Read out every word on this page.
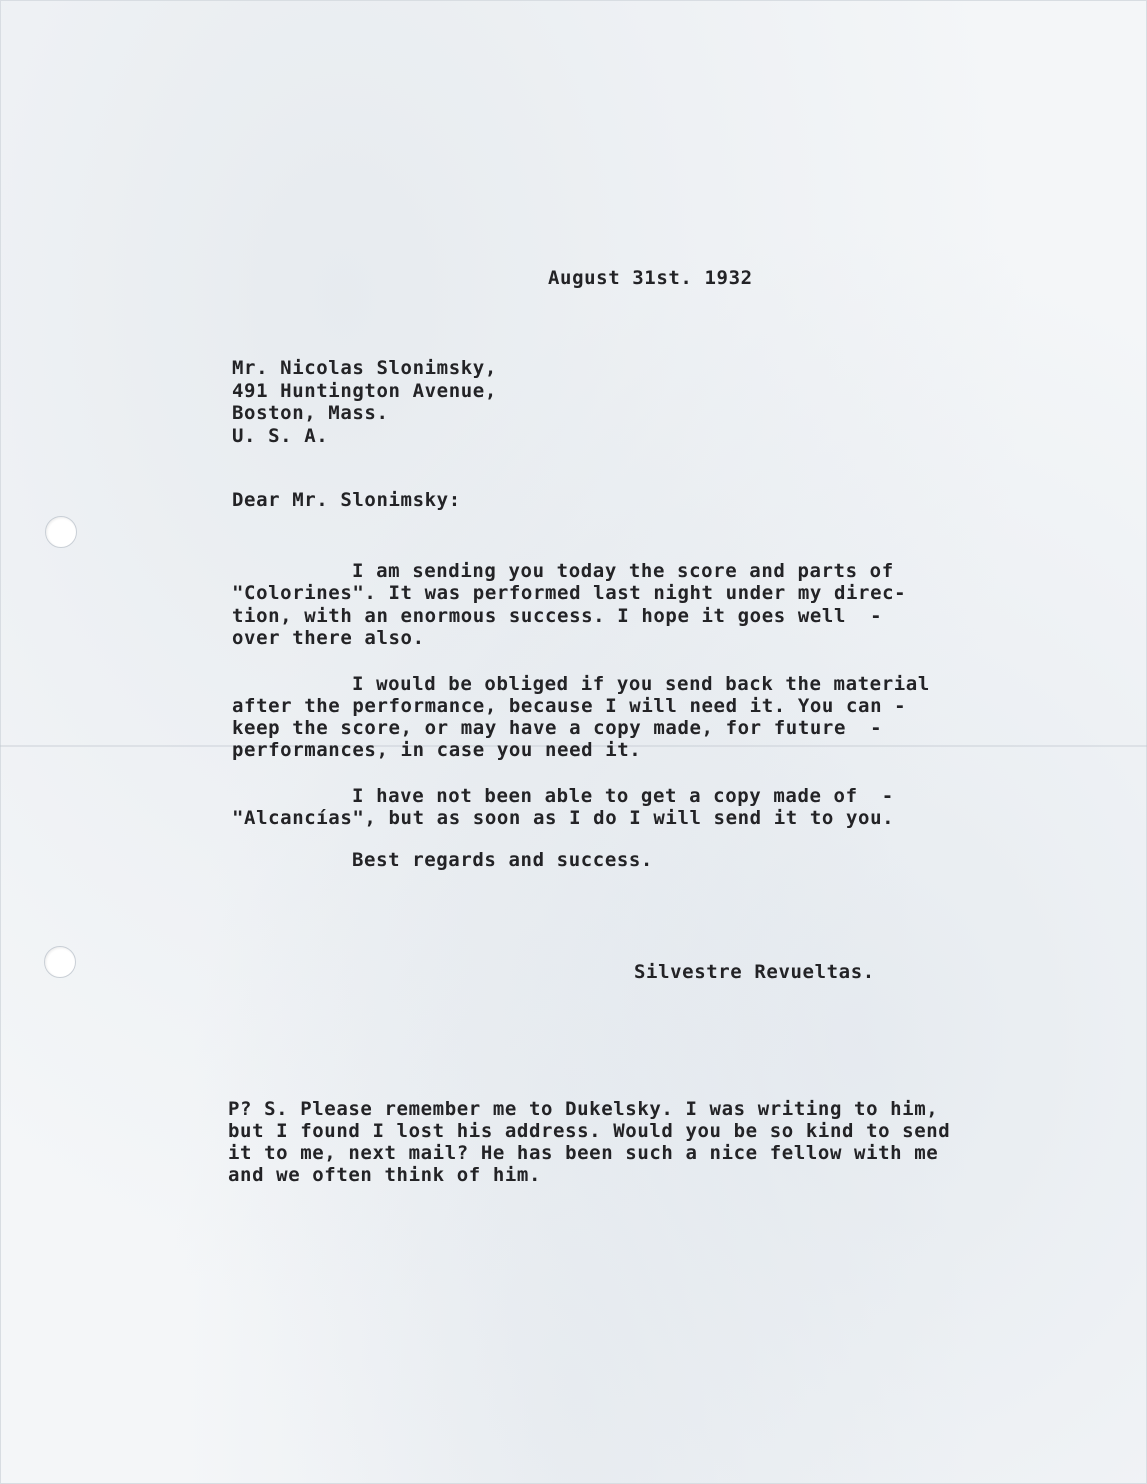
August 31st. 1932
Mr. Nicolas Slonimsky,
491 Huntington Avenue,
Boston, Mass.
U. S. A.
Dear Mr. Slonimsky:
I am sending you today the score and parts of
"Colorines". It was performed last night under my direc-
tion, with an enormous success. I hope it goes well  -
over there also.
I would be obliged if you send back the material
after the performance, because I will need it. You can -
keep the score, or may have a copy made, for future  -
performances, in case you need it.
I have not been able to get a copy made of  -
"Alcancías", but as soon as I do I will send it to you.
Best regards and success.
Silvestre Revueltas.
P? S. Please remember me to Dukelsky. I was writing to him,
but I found I lost his address. Would you be so kind to send
it to me, next mail? He has been such a nice fellow with me
and we often think of him.
